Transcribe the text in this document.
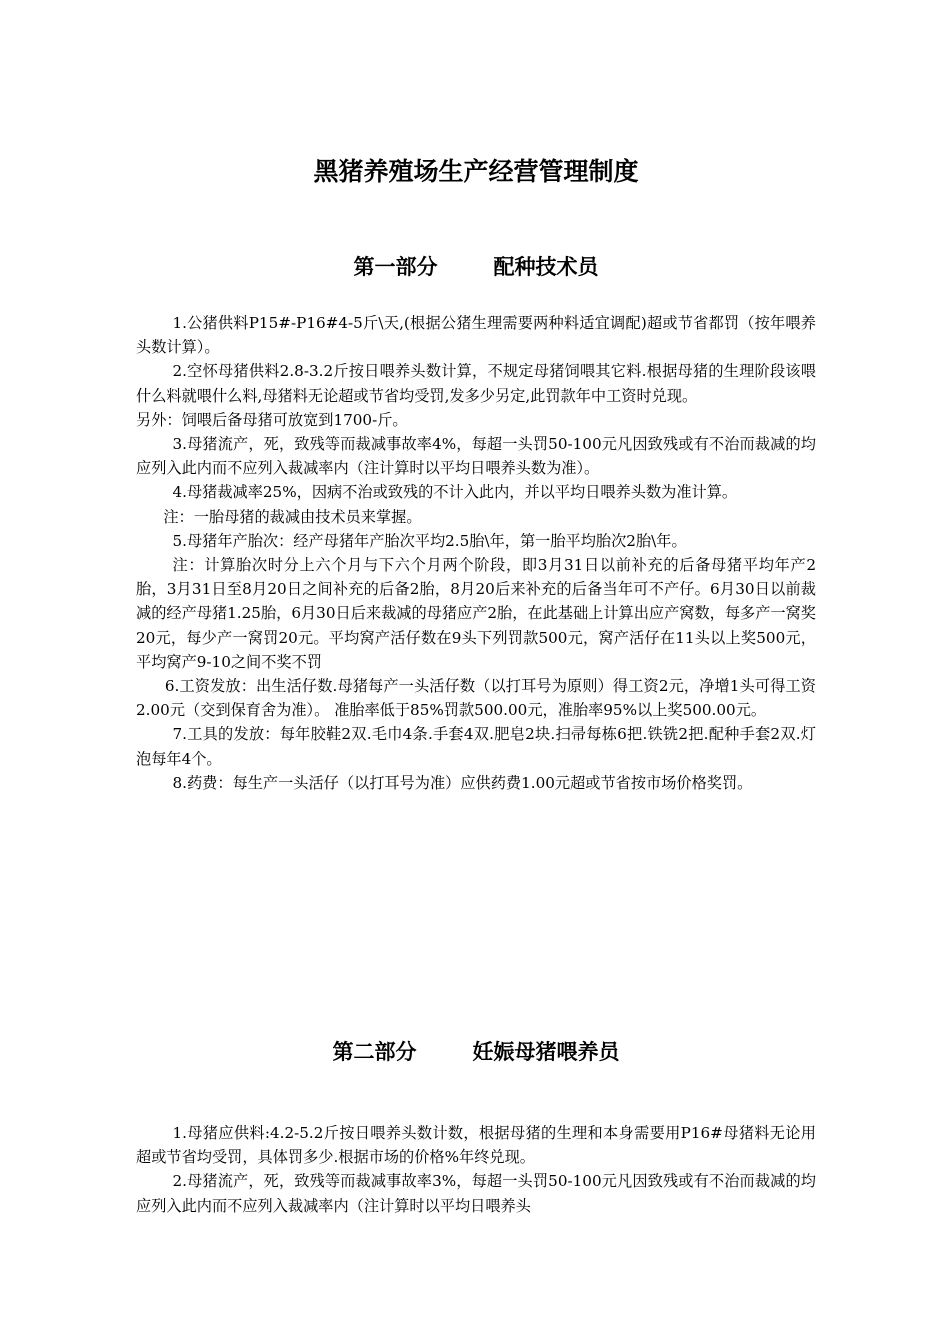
黑猪养殖场生产经营管理制度
第一部分	配种技术员

1.公猪供料P15#-P16#4-5斤\天,(根据公猪生理需要两种料适宜调配)超或节省都罚（按年喂养头数计算）。

2.空怀母猪供料2.8-3.2斤按日喂养头数计算，不规定母猪饲喂其它料.根据母猪的生理阶段该喂什么料就喂什么料,母猪料无论超或节省均受罚,发多少另定,此罚款年中工资时兑现。

另外：饲喂后备母猪可放宽到1700-斤。

3.母猪流产，死，致残等而裁减事故率4%，每超一头罚50-100元凡因致残或有不治而裁减的均应列入此内而不应列入裁减率内（注计算时以平均日喂养头数为准）。

4.母猪裁减率25%，因病不治或致残的不计入此内，并以平均日喂养头数为准计算。

注：一胎母猪的裁减由技术员来掌握。

5.母猪年产胎次：经产母猪年产胎次平均2.5胎\年，第一胎平均胎次2胎\年。

注：计算胎次时分上六个月与下六个月两个阶段，即3月31日以前补充的后备母猪平均年产2胎，3月31日至8月20日之间补充的后备2胎，8月20后来补充的后备当年可不产仔。6月30日以前裁减的经产母猪1.25胎，6月30日后来裁减的母猪应产2胎，在此基础上计算出应产窝数，每多产一窝奖20元，每少产一窝罚20元。平均窝产活仔数在9头下列罚款500元，窝产活仔在11头以上奖500元，平均窝产9-10之间不奖不罚

6.工资发放：出生活仔数.母猪每产一头活仔数（以打耳号为原则）得工资2元，净增1头可得工资2.00元（交到保育舍为准）。 准胎率低于85%罚款500.00元，准胎率95%以上奖500.00元。

7.工具的发放：每年胶鞋2双.毛巾4条.手套4双.肥皂2块.扫帚每栋6把.铁铣2把.配种手套2双.灯泡每年4个。

8.药费：每生产一头活仔（以打耳号为准）应供药费1.00元超或节省按市场价格奖罚。

第二部分	妊娠母猪喂养员

1.母猪应供料:4.2-5.2斤按日喂养头数计数，根据母猪的生理和本身需要用P16#母猪料无论用超或节省均受罚，具体罚多少.根据市场的价格%年终兑现。

2.母猪流产，死，致残等而裁减事故率3%，每超一头罚50-100元凡因致残或有不治而裁减的均应列入此内而不应列入裁减率内（注计算时以平均日喂养头
